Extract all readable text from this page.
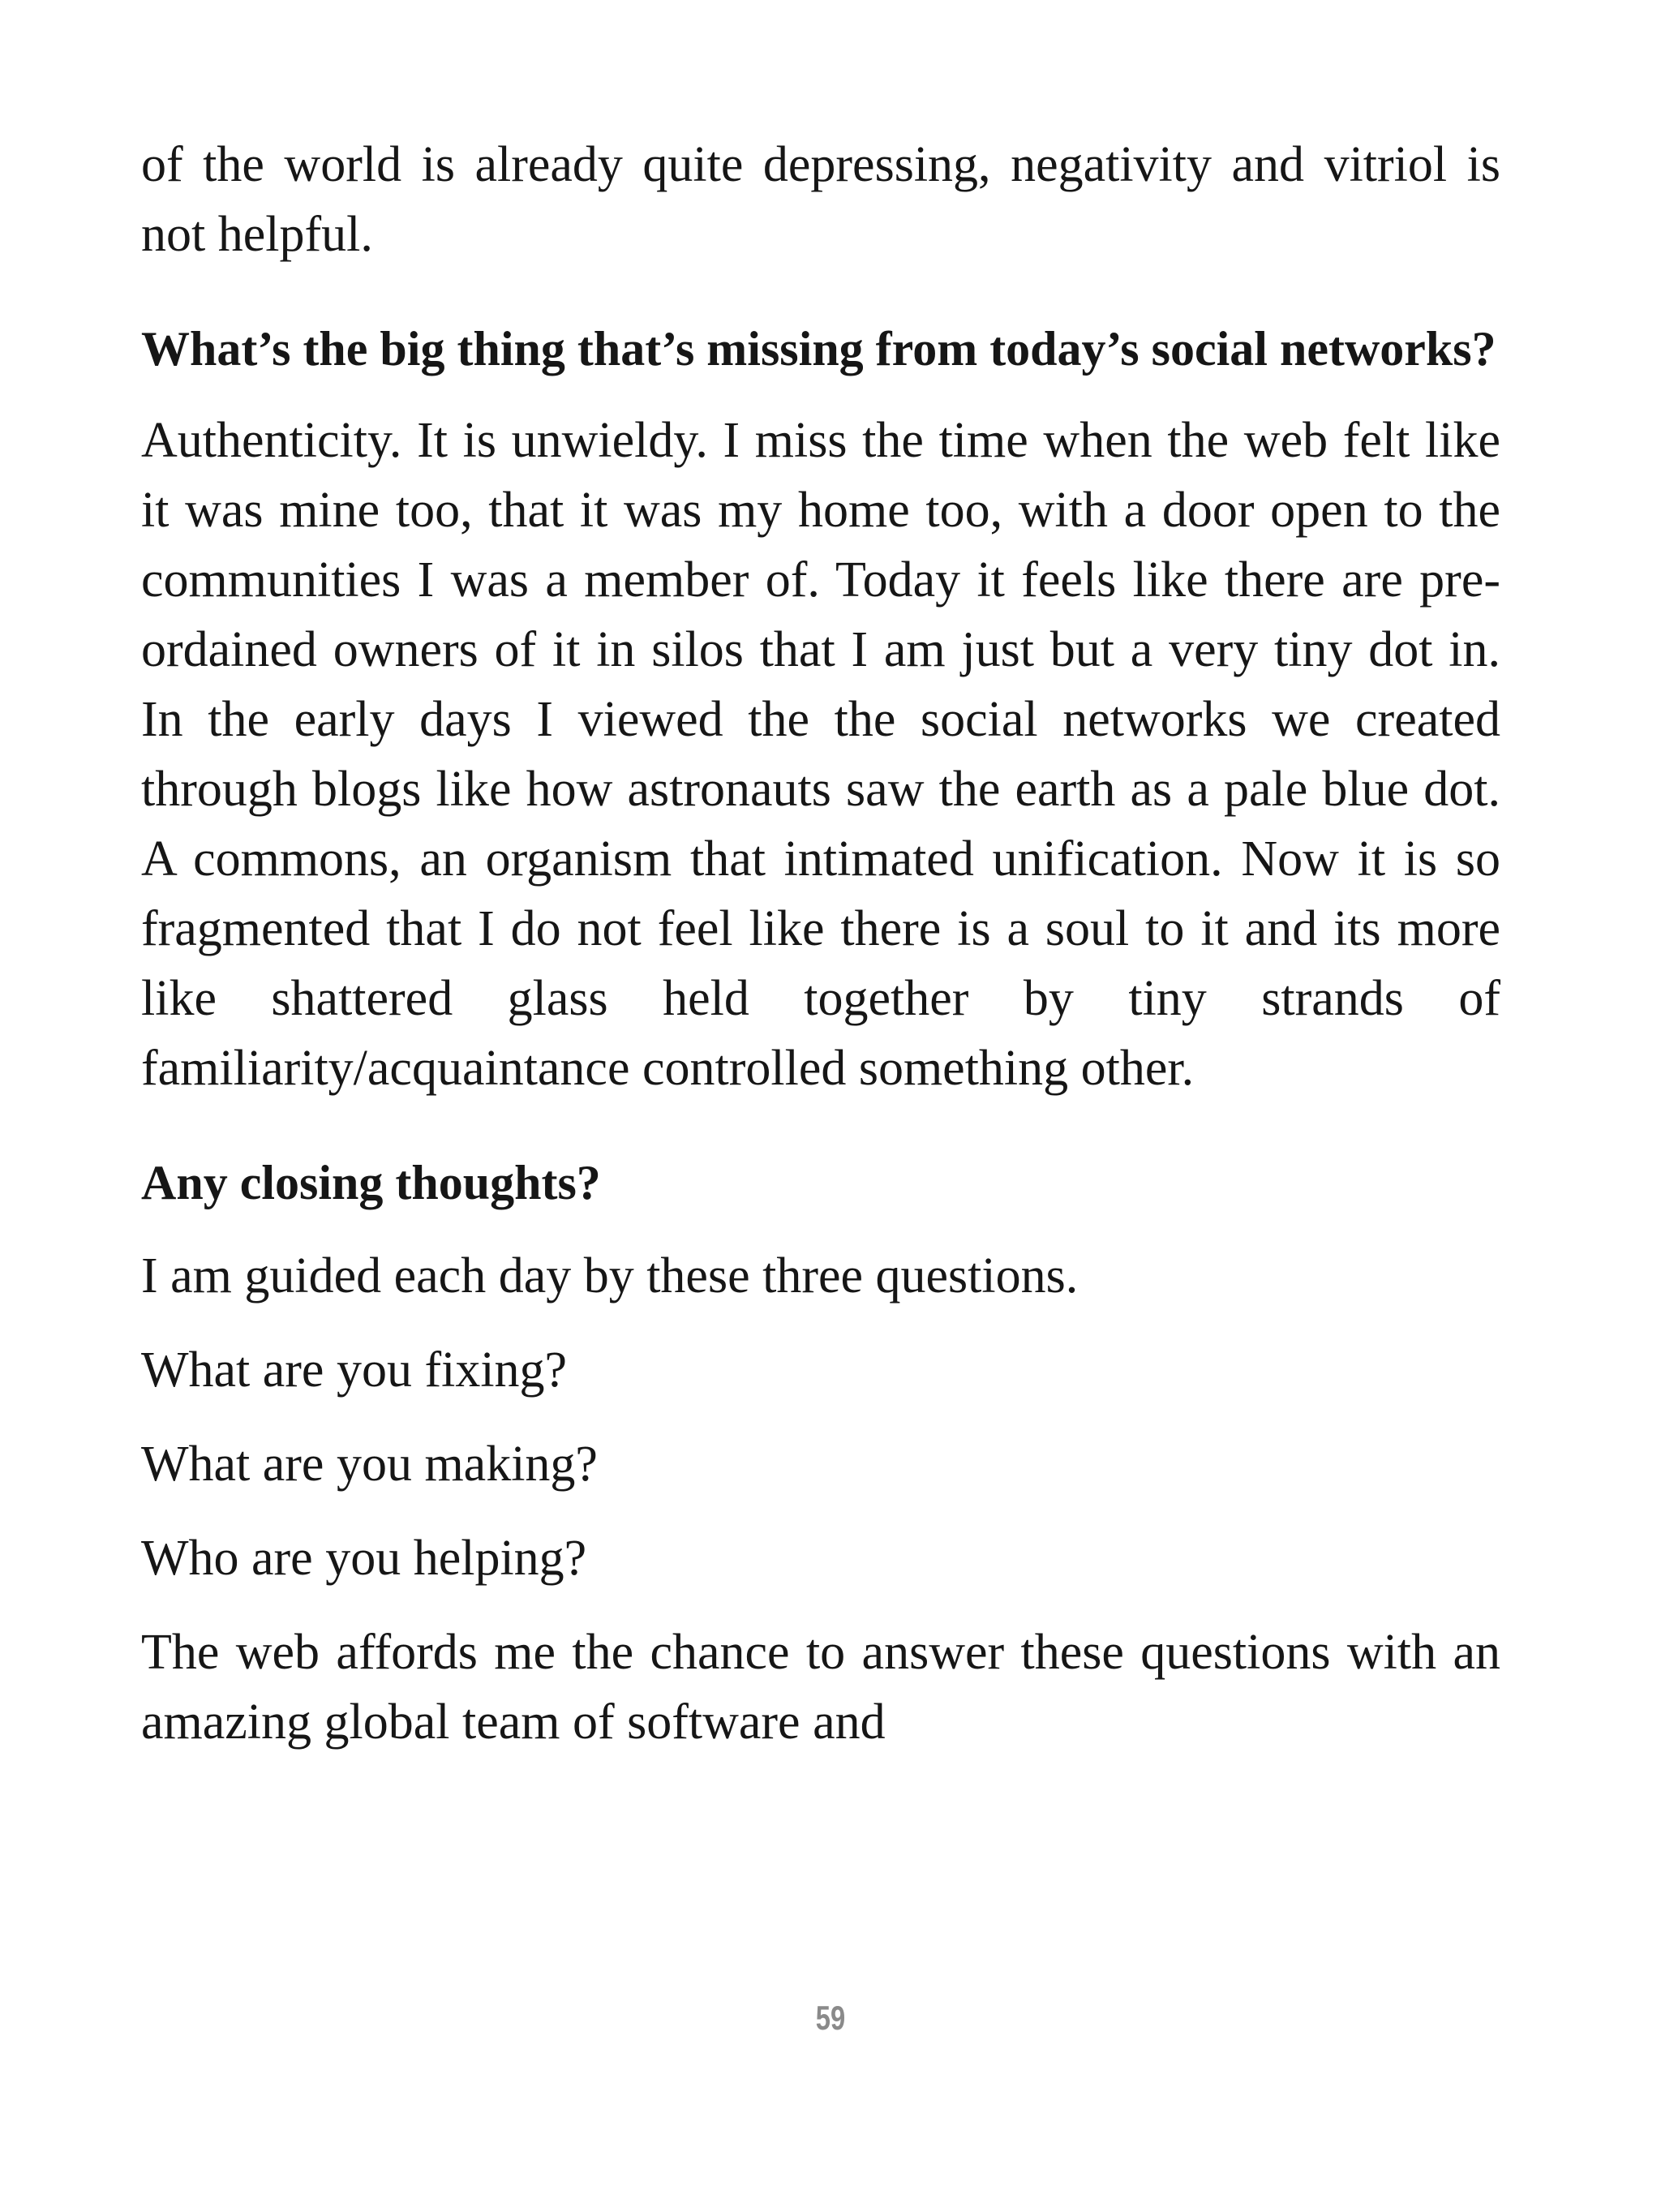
of the world is already quite depressing, negativity and vitriol is not helpful.

What’s the big thing that’s missing from today’s social networks?

Authenticity. It is unwieldy. I miss the time when the web felt like it was mine too, that it was my home too, with a door open to the communities I was a member of. Today it feels like there are pre-ordained owners of it in silos that I am just but a very tiny dot in. In the early days I viewed the the social networks we created through blogs like how astronauts saw the earth as a pale blue dot. A commons, an organism that intimated unification. Now it is so fragmented that I do not feel like there is a soul to it and its more like shattered glass held together by tiny strands of familiarity/acquaintance controlled something other.

Any closing thoughts?

I am guided each day by these three questions.

What are you fixing?

What are you making?

Who are you helping?

The web affords me the chance to answer these questions with an amazing global team of software and

59
